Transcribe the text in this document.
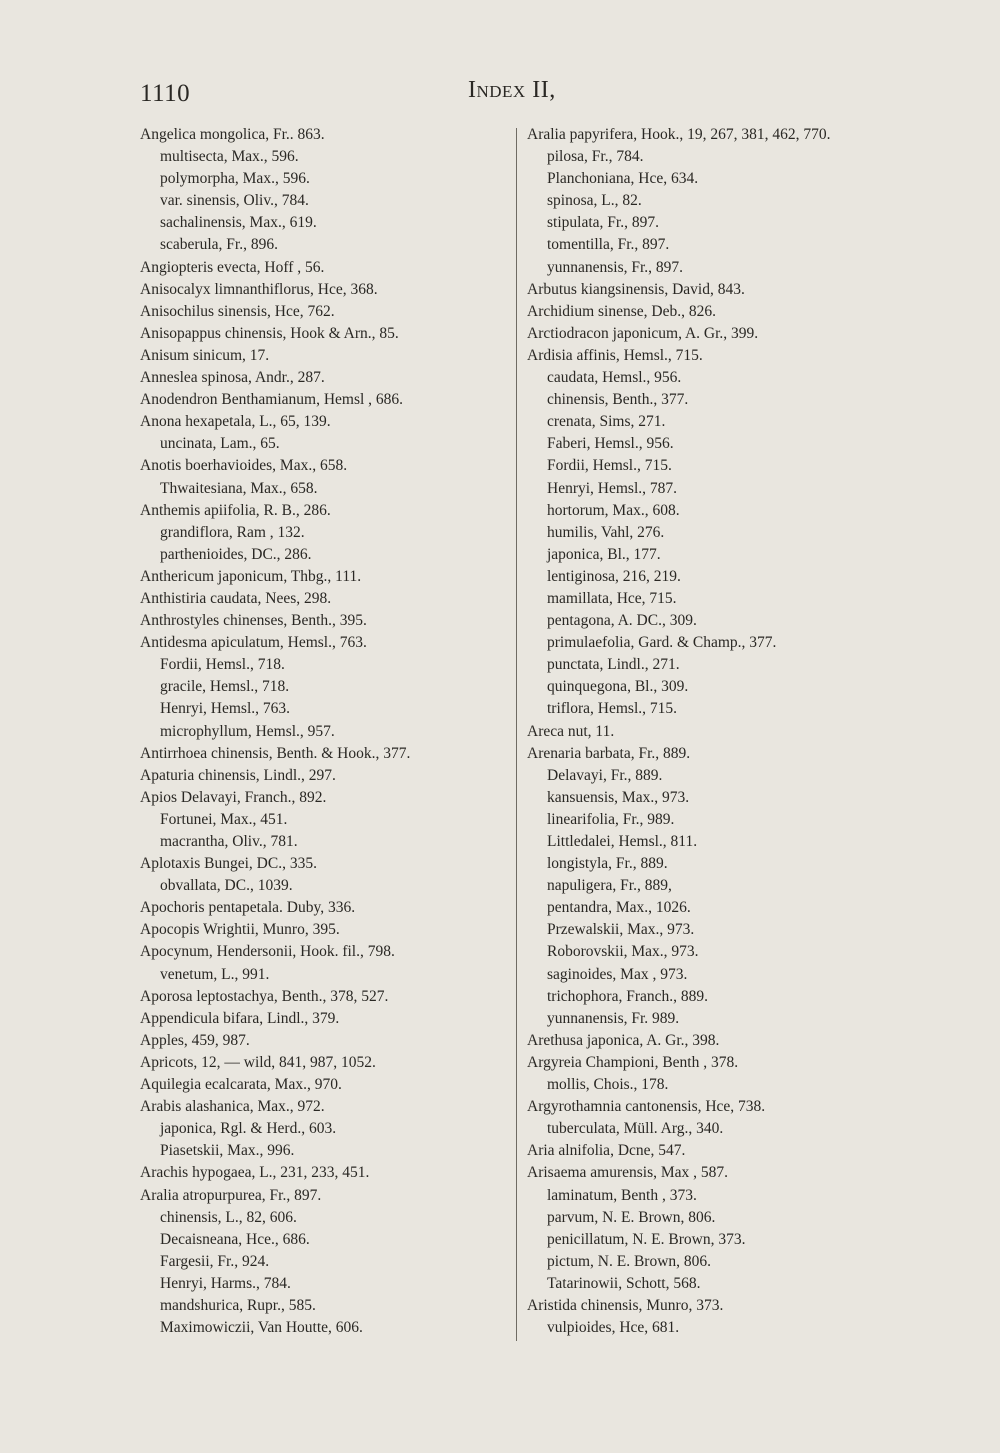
1110	Index II,
Angelica mongolica, Fr.. 863.
multisecta, Max., 596.
polymorpha, Max., 596.
var. sinensis, Oliv., 784.
sachalinensis, Max., 619.
scaberula, Fr., 896.
Angiopteris evecta, Hoff , 56.
Anisocalyx limnanthiflorus, Hce, 368.
Anisochilus sinensis, Hce, 762.
Anisopappus chinensis, Hook & Arn., 85.
Anisum sinicum, 17.
Anneslea spinosa, Andr., 287.
Anodendron Benthamianum, Hemsl , 686.
Anona hexapetala, L., 65, 139.
uncinata, Lam., 65.
Anotis boerhavioides, Max., 658.
Thwaitesiana, Max., 658.
Anthemis apiifolia, R. B., 286.
grandiflora, Ram , 132.
parthenioides, DC., 286.
Anthericum japonicum, Thbg., 111.
Anthistiria caudata, Nees, 298.
Anthrostyles chinenses, Benth., 395.
Antidesma apiculatum, Hemsl., 763.
Fordii, Hemsl., 718.
gracile, Hemsl., 718.
Henryi, Hemsl., 763.
microphyllum, Hemsl., 957.
Antirrhoea chinensis, Benth. & Hook., 377.
Apaturia chinensis, Lindl., 297.
Apios Delavayi, Franch., 892.
Fortunei, Max., 451.
macrantha, Oliv., 781.
Aplotaxis Bungei, DC., 335.
obvallata, DC., 1039.
Apochoris pentapetala. Duby, 336.
Apocopis Wrightii, Munro, 395.
Apocynum, Hendersonii, Hook. fil., 798.
venetum, L., 991.
Aporosa leptostachya, Benth., 378, 527.
Appendicula bifara, Lindl., 379.
Apples, 459, 987.
Apricots, 12, — wild, 841, 987, 1052.
Aquilegia ecalcarata, Max., 970.
Arabis alashanica, Max., 972.
japonica, Rgl. & Herd., 603.
Piasetskii, Max., 996.
Arachis hypogaea, L., 231, 233, 451.
Aralia atropurpurea, Fr., 897.
chinensis, L., 82, 606.
Decaisneana, Hce., 686.
Fargesii, Fr., 924.
Henryi, Harms., 784.
mandshurica, Rupr., 585.
Maximowiczii, Van Houtte, 606.
Aralia papyrifera, Hook., 19, 267, 381, 462, 770.
pilosa, Fr., 784.
Planchoniana, Hce, 634.
spinosa, L., 82.
stipulata, Fr., 897.
tomentilla, Fr., 897.
yunnanensis, Fr., 897.
Arbutus kiangsinensis, David, 843.
Archidium sinense, Deb., 826.
Arctiodracon japonicum, A. Gr., 399.
Ardisia affinis, Hemsl., 715.
caudata, Hemsl., 956.
chinensis, Benth., 377.
crenata, Sims, 271.
Faberi, Hemsl., 956.
Fordii, Hemsl., 715.
Henryi, Hemsl., 787.
hortorum, Max., 608.
humilis, Vahl, 276.
japonica, Bl., 177.
lentiginosa, 216, 219.
mamillata, Hce, 715.
pentagona, A. DC., 309.
primulaefolia, Gard. & Champ., 377.
punctata, Lindl., 271.
quinquegona, Bl., 309.
triflora, Hemsl., 715.
Areca nut, 11.
Arenaria barbata, Fr., 889.
Delavayi, Fr., 889.
kansuensis, Max., 973.
linearifolia, Fr., 989.
Littledalei, Hemsl., 811.
longistyla, Fr., 889.
napuligera, Fr., 889,
pentandra, Max., 1026.
Przewalskii, Max., 973.
Roborovskii, Max., 973.
saginoides, Max , 973.
trichophora, Franch., 889.
yunnanensis, Fr. 989.
Arethusa japonica, A. Gr., 398.
Argyreia Championi, Benth , 378.
mollis, Chois., 178.
Argyrothamnia cantonensis, Hce, 738.
tuberculata, Müll. Arg., 340.
Aria alnifolia, Dcne, 547.
Arisaema amurensis, Max , 587.
laminatum, Benth , 373.
parvum, N. E. Brown, 806.
penicillatum, N. E. Brown, 373.
pictum, N. E. Brown, 806.
Tatarinowii, Schott, 568.
Aristida chinensis, Munro, 373.
vulpioides, Hce, 681.
